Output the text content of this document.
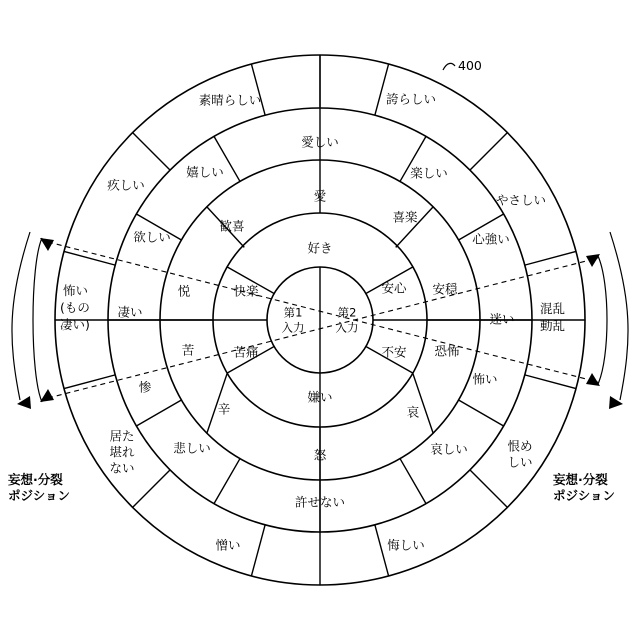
400
第1
入力
第2
入力
好き
安心
不安
嫌い
苦痛
快楽
愛
喜楽
安穏
恐怖
哀
怒
辛
苦
悦
歓喜
愛しい
楽しい
心強い
怖い
哀しい
許せない
悲しい
惨
凄い
欲しい
嬉しい
素晴らしい	誇らしい
やさしい
迷い
恨め
しい
悔しい
憎い
居た
堪れ
ない
疚しい
怖い
(もの
凄い)
混乱
動乱
妄想·分裂
ポジション
妄想·分裂
ポジション
